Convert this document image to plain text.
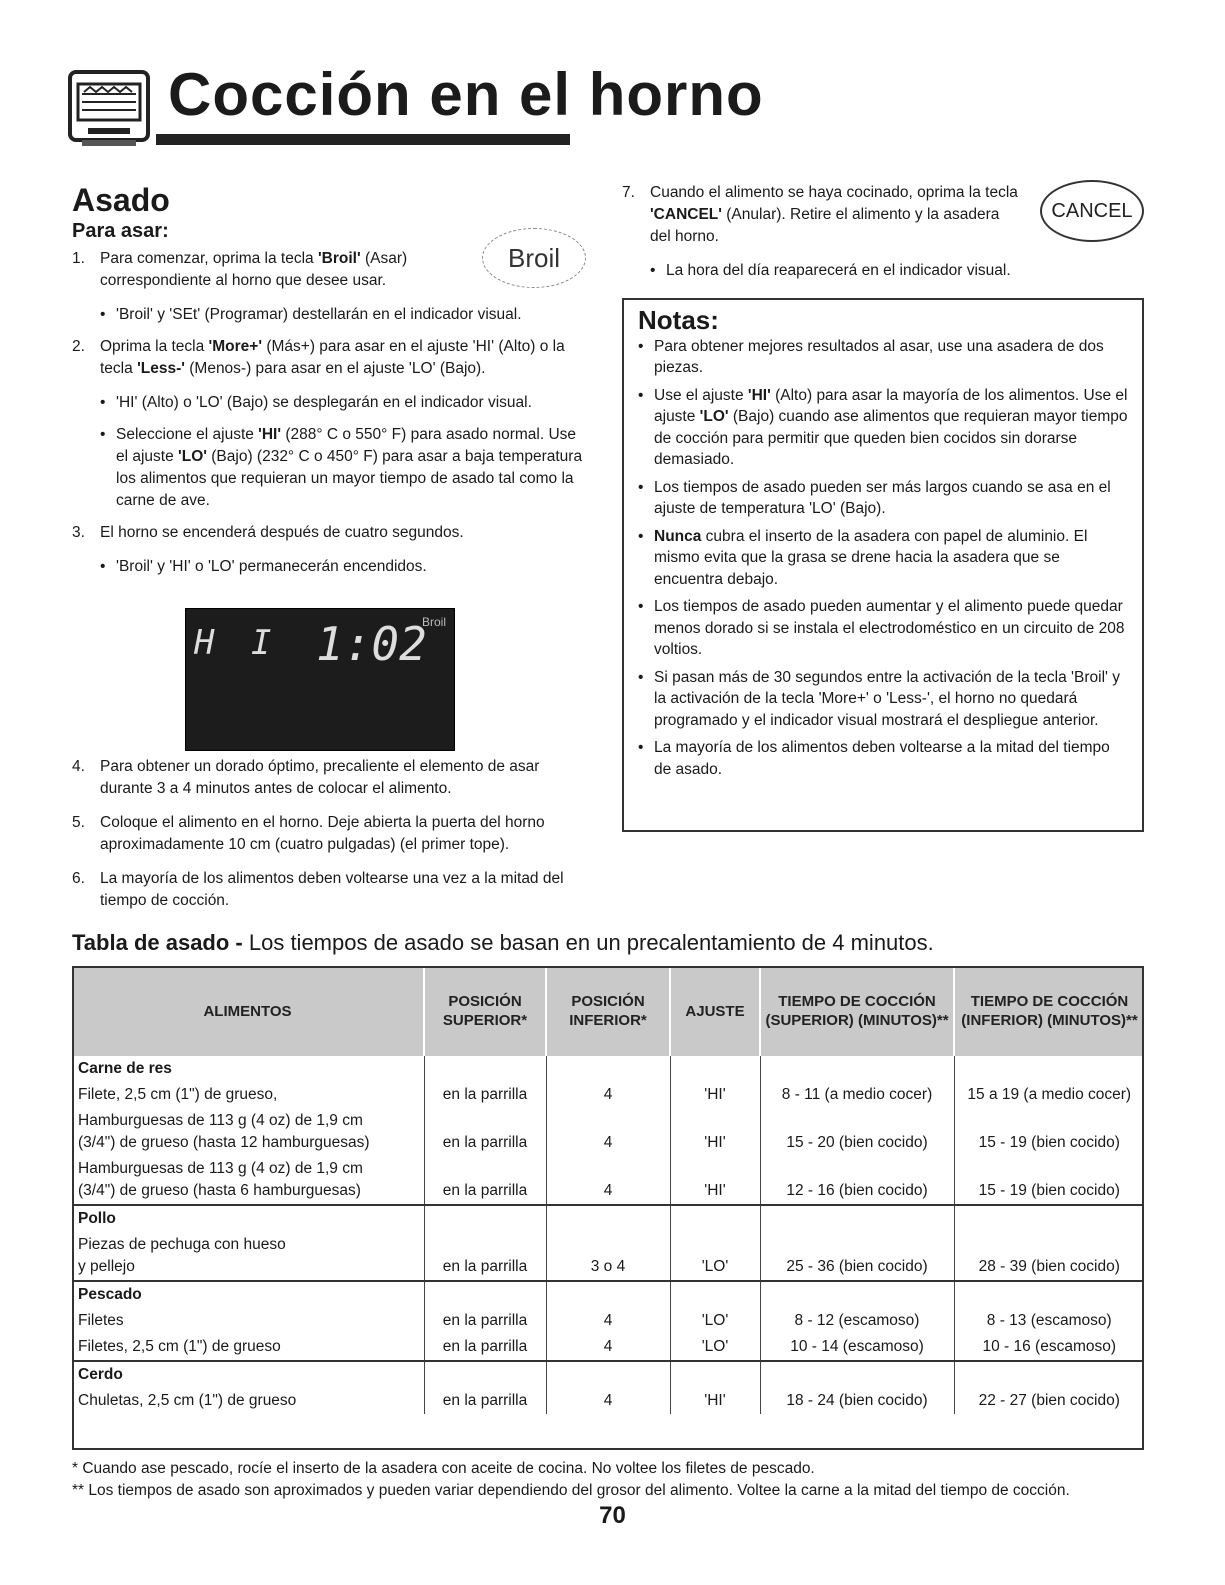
Cocción en el horno
Asado
Para asar:
1. Para comenzar, oprima la tecla 'Broil' (Asar) correspondiente al horno que desee usar.
• 'Broil' y 'SEt' (Programar) destellarán en el indicador visual.
2. Oprima la tecla 'More+' (Más+) para asar en el ajuste 'HI' (Alto) o la tecla 'Less-' (Menos-) para asar en el ajuste 'LO' (Bajo).
• 'HI' (Alto) o 'LO' (Bajo) se desplegarán en el indicador visual.
• Seleccione el ajuste 'HI' (288° C o 550° F) para asado normal. Use el ajuste 'LO' (Bajo) (232° C o 450° F) para asar a baja temperatura los alimentos que requieran un mayor tiempo de asado tal como la carne de ave.
3. El horno se encenderá después de cuatro segundos.
• 'Broil' y 'HI' o 'LO' permanecerán encendidos.
4. Para obtener un dorado óptimo, precaliente el elemento de asar durante 3 a 4 minutos antes de colocar el alimento.
5. Coloque el alimento en el horno. Deje abierta la puerta del horno aproximadamente 10 cm (cuatro pulgadas) (el primer tope).
6. La mayoría de los alimentos deben voltearse una vez a la mitad del tiempo de cocción.
Broil
H I 1:02
Broil
7. Cuando el alimento se haya cocinado, oprima la tecla 'CANCEL' (Anular). Retire el alimento y la asadera del horno.
• La hora del día reaparecerá en el indicador visual.
CANCEL
Notas:
• Para obtener mejores resultados al asar, use una asadera de dos piezas.
• Use el ajuste 'HI' (Alto) para asar la mayoría de los alimentos. Use el ajuste 'LO' (Bajo) cuando ase alimentos que requieran mayor tiempo de cocción para permitir que queden bien cocidos sin dorarse demasiado.
• Los tiempos de asado pueden ser más largos cuando se asa en el ajuste de temperatura 'LO' (Bajo).
• Nunca cubra el inserto de la asadera con papel de aluminio. El mismo evita que la grasa se drene hacia la asadera que se encuentra debajo.
• Los tiempos de asado pueden aumentar y el alimento puede quedar menos dorado si se instala el electrodoméstico en un circuito de 208 voltios.
• Si pasan más de 30 segundos entre la activación de la tecla 'Broil' y la activación de la tecla 'More+' o 'Less-', el horno no quedará programado y el indicador visual mostrará el despliegue anterior.
• La mayoría de los alimentos deben voltearse a la mitad del tiempo de asado.
Tabla de asado - Los tiempos de asado se basan en un precalentamiento de 4 minutos.
ALIMENTOS	POSICIÓN SUPERIOR*	POSICIÓN INFERIOR*	AJUSTE	TIEMPO DE COCCIÓN (SUPERIOR) (MINUTOS)**	TIEMPO DE COCCIÓN (INFERIOR) (MINUTOS)**
Carne de res					

Filete, 2,5 cm (1") de grueso,	en la parrilla	4	'HI'	8 - 11 (a medio cocer)	15 a 19 (a medio cocer)

Hamburguesas de 113 g (4 oz) de 1,9 cm
(3/4") de grueso (hasta 12 hamburguesas)	en la parrilla	4	'HI'	15 - 20 (bien cocido)	15 - 19 (bien cocido)

Hamburguesas de 113 g (4 oz) de 1,9 cm
(3/4") de grueso (hasta 6 hamburguesas)	en la parrilla	4	'HI'	12 - 16 (bien cocido)	15 - 19 (bien cocido)
Pollo					

Piezas de pechuga con hueso
y pellejo	en la parrilla	3 o 4	'LO'	25 - 36 (bien cocido)	28 - 39 (bien cocido)
Pescado					

Filetes	en la parrilla	4	'LO'	8 - 12 (escamoso)	8 - 13 (escamoso)

Filetes, 2,5 cm (1") de grueso	en la parrilla	4	'LO'	10 - 14 (escamoso)	10 - 16 (escamoso)
Cerdo					

Chuletas, 2,5 cm (1") de grueso	en la parrilla	4	'HI'	18 - 24 (bien cocido)	22 - 27 (bien cocido)
* Cuando ase pescado, rocíe el inserto de la asadera con aceite de cocina. No voltee los filetes de pescado.
** Los tiempos de asado son aproximados y pueden variar dependiendo del grosor del alimento. Voltee la carne a la mitad del tiempo de cocción.
70
